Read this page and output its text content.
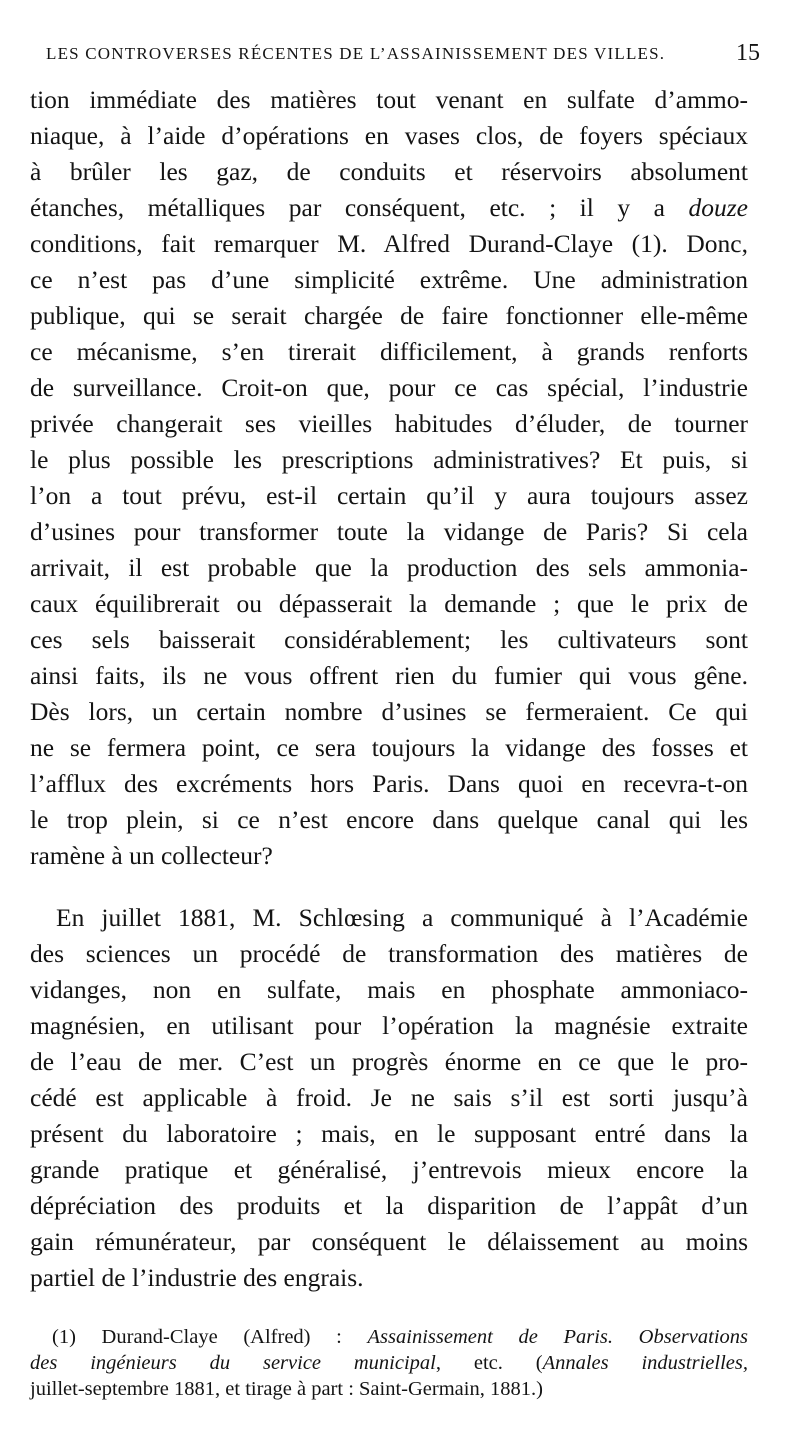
LES CONTROVERSES RÉCENTES DE L’ASSAINISSEMENT DES VILLES.	15
tion immédiate des matières tout venant en sulfate d’ammo-
niaque, à l’aide d’opérations en vases clos, de foyers spéciaux
à brûler les gaz, de conduits et réservoirs absolument
étanches, métalliques par conséquent, etc. ; il y a douze
conditions, fait remarquer M. Alfred Durand-Claye (1). Donc,
ce n’est pas d’une simplicité extrême. Une administration
publique, qui se serait chargée de faire fonctionner elle-même
ce mécanisme, s’en tirerait difficilement, à grands renforts
de surveillance. Croit-on que, pour ce cas spécial, l’industrie
privée changerait ses vieilles habitudes d’éluder, de tourner
le plus possible les prescriptions administratives? Et puis, si
l’on a tout prévu, est-il certain qu’il y aura toujours assez
d’usines pour transformer toute la vidange de Paris? Si cela
arrivait, il est probable que la production des sels ammonia-
caux équilibrerait ou dépasserait la demande ; que le prix de
ces sels baisserait considérablement; les cultivateurs sont
ainsi faits, ils ne vous offrent rien du fumier qui vous gêne.
Dès lors, un certain nombre d’usines se fermeraient. Ce qui
ne se fermera point, ce sera toujours la vidange des fosses et
l’afflux des excréments hors Paris. Dans quoi en recevra-t-on
le trop plein, si ce n’est encore dans quelque canal qui les
ramène à un collecteur?
En juillet 1881, M. Schlœsing a communiqué à l’Académie
des sciences un procédé de transformation des matières de
vidanges, non en sulfate, mais en phosphate ammoniaco-
magnésien, en utilisant pour l’opération la magnésie extraite
de l’eau de mer. C’est un progrès énorme en ce que le pro-
cédé est applicable à froid. Je ne sais s’il est sorti jusqu’à
présent du laboratoire ; mais, en le supposant entré dans la
grande pratique et généralisé, j’entrevois mieux encore la
dépréciation des produits et la disparition de l’appât d’un
gain rémunérateur, par conséquent le délaissement au moins
partiel de l’industrie des engrais.
(1) Durand-Claye (Alfred) : Assainissement de Paris. Observations
des ingénieurs du service municipal, etc. (Annales industrielles,
juillet-septembre 1881, et tirage à part : Saint-Germain, 1881.)
